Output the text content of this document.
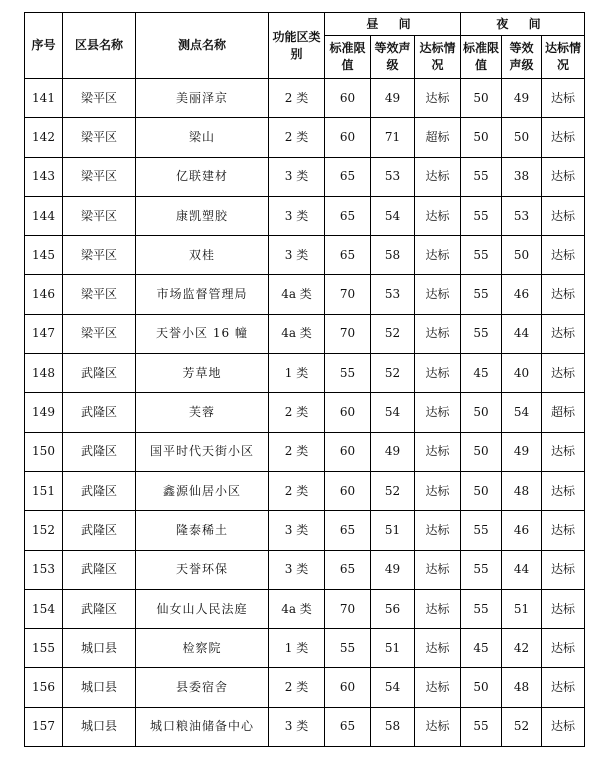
序号	区县名称	测点名称	功能区类别	昼 间			夜 间		
				标准限值	等效声级	达标情况	标准限值	等效声级	达标情况
141	梁平区	美丽泽京	2 类	60	49	达标	50	49	达标
142	梁平区	梁山	2 类	60	71	超标	50	50	达标
143	梁平区	亿联建材	3 类	65	53	达标	55	38	达标
144	梁平区	康凯塑胶	3 类	65	54	达标	55	53	达标
145	梁平区	双桂	3 类	65	58	达标	55	50	达标
146	梁平区	市场监督管理局	4a 类	70	53	达标	55	46	达标
147	梁平区	天誉小区 16 幢	4a 类	70	52	达标	55	44	达标
148	武隆区	芳草地	1 类	55	52	达标	45	40	达标
149	武隆区	芙蓉	2 类	60	54	达标	50	54	超标
150	武隆区	国平时代天街小区	2 类	60	49	达标	50	49	达标
151	武隆区	鑫源仙居小区	2 类	60	52	达标	50	48	达标
152	武隆区	隆泰稀土	3 类	65	51	达标	55	46	达标
153	武隆区	天誉环保	3 类	65	49	达标	55	44	达标
154	武隆区	仙女山人民法庭	4a 类	70	56	达标	55	51	达标
155	城口县	检察院	1 类	55	51	达标	45	42	达标
156	城口县	县委宿舍	2 类	60	54	达标	50	48	达标
157	城口县	城口粮油储备中心	3 类	65	58	达标	55	52	达标
